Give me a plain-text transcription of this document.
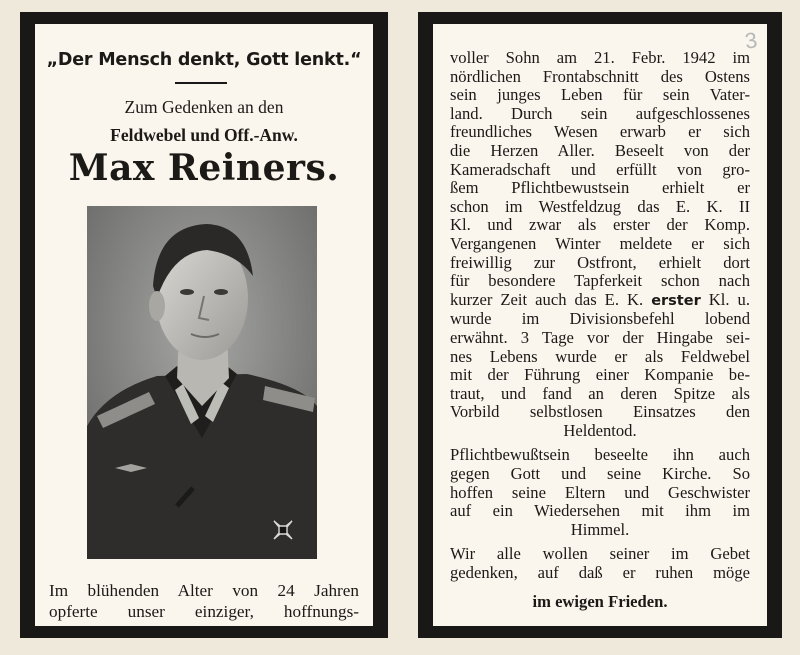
„Der Mensch denkt, Gott lenkt.“
Zum Gedenken an den
Feldwebel und Off.-Anw.
Max Reiners.
Im blühenden Alter von 24 Jahren
opferte unser einziger, hoffnungs-
voller Sohn am 21. Febr. 1942 im
nördlichen Frontabschnitt des Ostens
sein junges Leben für sein Vater-
land. Durch sein aufgeschlossenes
freundliches Wesen erwarb er sich
die Herzen Aller. Beseelt von der
Kameradschaft und erfüllt von gro-
ßem Pflichtbewustsein erhielt er
schon im Westfeldzug das E. K. II
Kl. und zwar als erster der Komp.
Vergangenen Winter meldete er sich
freiwillig zur Ostfront, erhielt dort
für besondere Tapferkeit schon nach
kurzer Zeit auch das E. K. erster Kl. u.
wurde im Divisionsbefehl lobend
erwähnt. 3 Tage vor der Hingabe sei-
nes Lebens wurde er als Feldwebel
mit der Führung einer Kompanie be-
traut, und fand an deren Spitze als
Vorbild selbstlosen Einsatzes den
Heldentod.
Pflichtbewußtsein beseelte ihn auch
gegen Gott und seine Kirche. So
hoffen seine Eltern und Geschwister
auf ein Wiedersehen mit ihm im
Himmel.
Wir alle wollen seiner im Gebet
gedenken, auf daß er ruhen möge
im ewigen Frieden.
3
